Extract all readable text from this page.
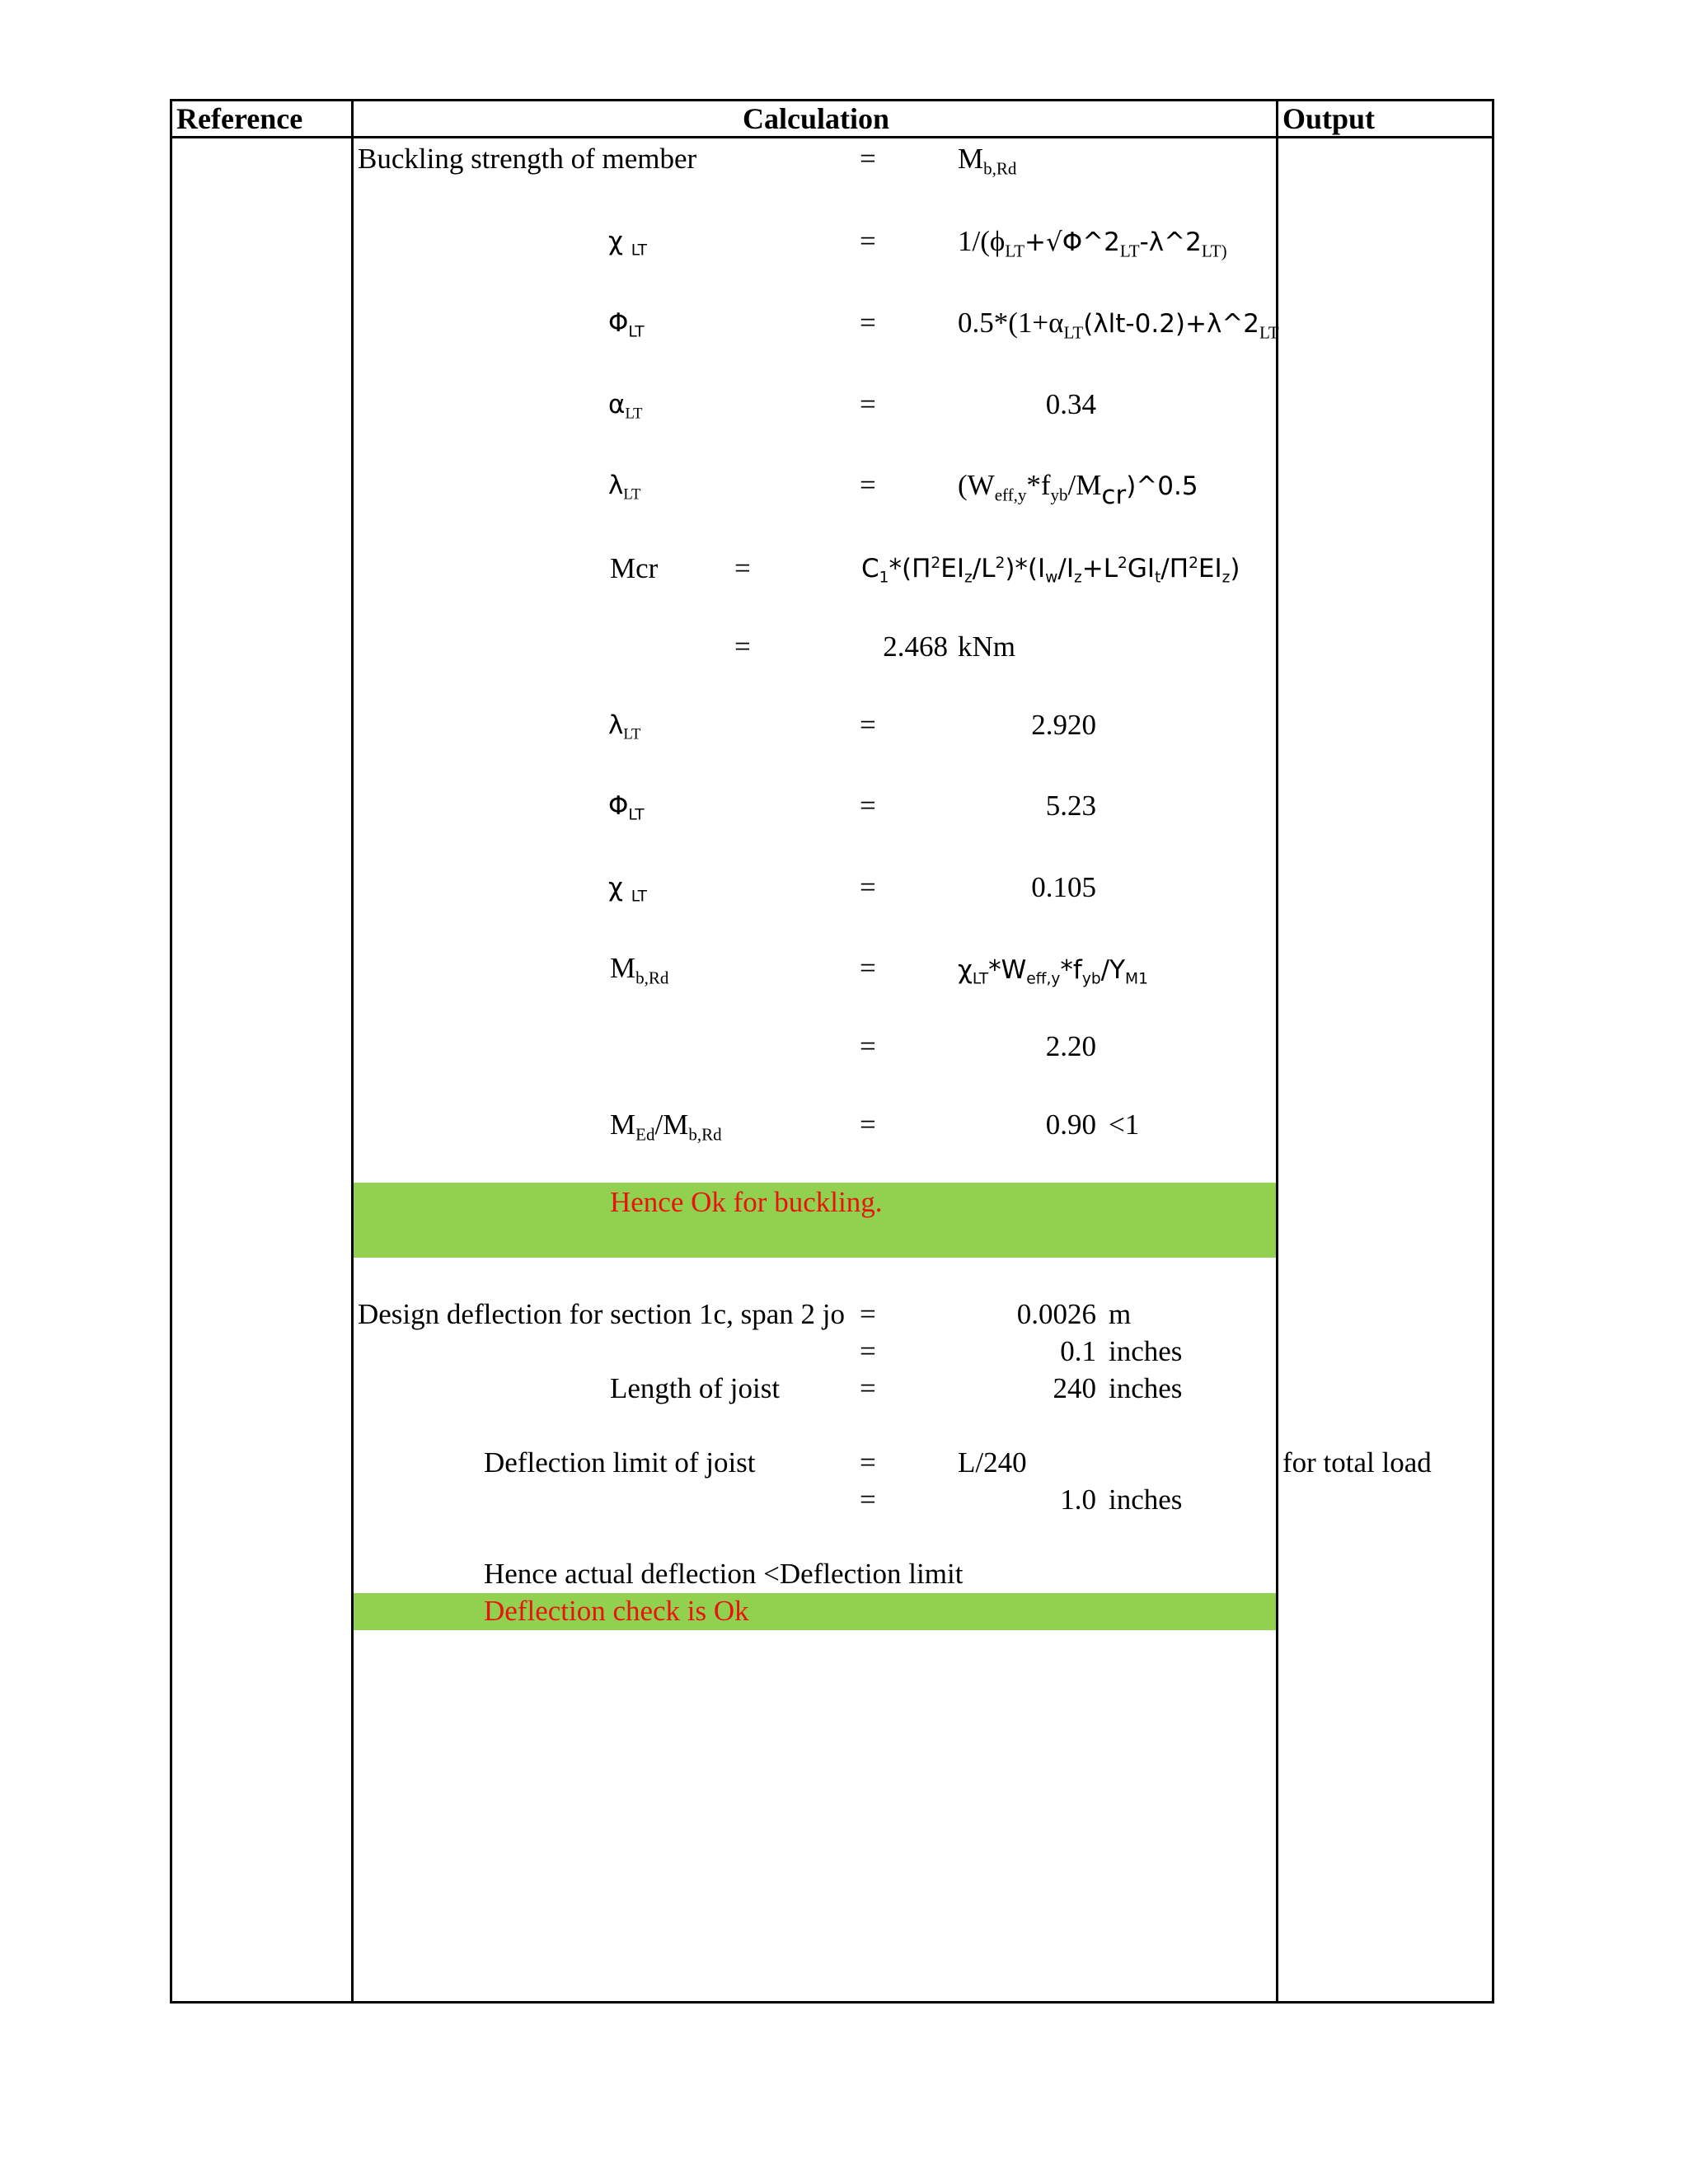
Reference	Calculation	Output
Buckling strength of member	=	$M_{b,Rd}$
χ $_{LT}$	=	$1/(\phi_{LT}+√\Phi\^{}2_{LT}-\lambda\^{}2_{LT)}$
$\Phi_{LT}$	=	$0.5*(1+\alpha_{LT}(\lambda lt-0.2)+\lambda\^{}2_{LT}$
$\alpha_{LT}$	=	0.34
$\lambda_{LT}$	=	$(W_{eff,y}*f_{yb}/M_{cr})\^{}0.5$
Mcr	=	$C_1*(\Pi^2EI_z/L^2)*(I_w/I_z+L^2GI_t/\Pi^2EI_z)$
=	2.468 kNm
$\lambda_{LT}$	=	2.920
$\Phi_{LT}$	=	5.23
χ $_{LT}$	=	0.105
$M_{b,Rd}$	=	$\chi_{LT}*W_{eff,y}*f_{yb}/\Upsilon_{M1}$
=	2.20
$M_{Ed}/M_{b,Rd}$	=	0.90 <1
Hence Ok for buckling.
Design deflection for section 1c, span 2 jo =	0.0026 m
=	0.1 inches
Length of joist	=	240 inches
Deflection limit of joist	=	L/240	for total load
=	1.0 inches
Hence actual deflection <Deflection limit
Deflection check is Ok
